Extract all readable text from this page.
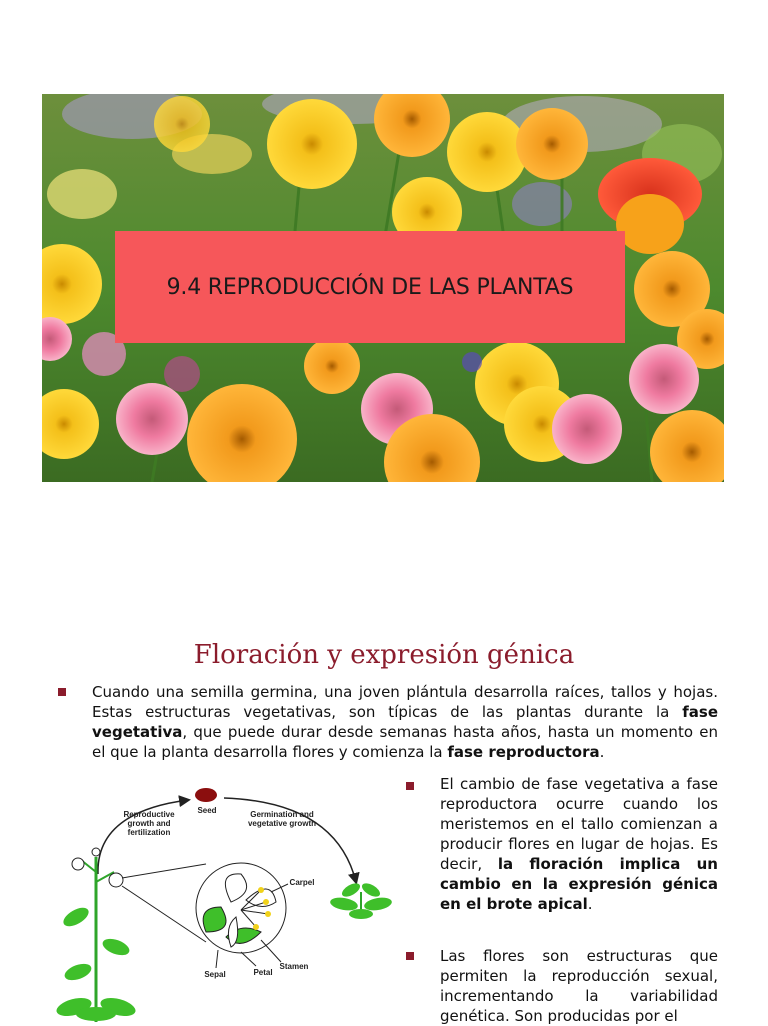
9.4 REPRODUCCIÓN DE LAS PLANTAS
Floración y expresión génica

Cuando una semilla germina, una joven plántula desarrolla raíces, tallos y hojas. Estas estructuras vegetativas, son típicas de las plantas durante la fase vegetativa, que puede durar desde semanas hasta años, hasta un momento en el que la planta desarrolla flores y comienza la fase reproductora.

El cambio de fase vegetativa a fase reproductora ocurre cuando los meristemos en el tallo comienzan a producir flores en lugar de hojas. Es decir, la floración implica un cambio en la expresión génica en el brote apical.

Las flores son estructuras que permiten la reproducción sexual, incrementando la variabilidad genética. Son producidas por el

Seed
Reproductive growth and fertilization
Germination and vegetative growth
Carpel
Sepal	Petal
Stamen
